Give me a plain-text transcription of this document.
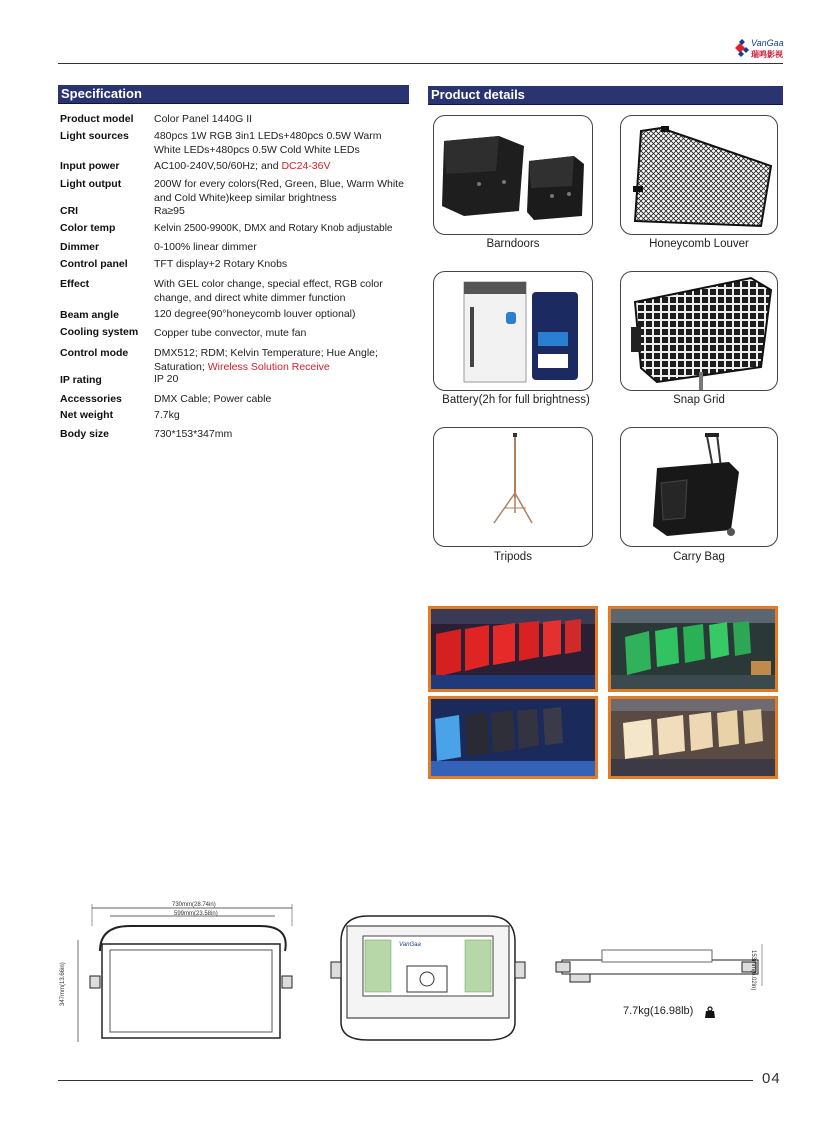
VanGaa
瑞鸣影视
Specification
Product model	Color Panel 1440G II
Light sources	480pcs 1W RGB 3in1 LEDs+480pcs 0.5W Warm White LEDs+480pcs 0.5W Cold White LEDs
Input power	AC100-240V,50/60Hz; and DC24-36V
Light output	200W for every colors(Red, Green, Blue, Warm White and Cold White)keep similar brightness
CRI	Ra≥95
Color temp	Kelvin 2500-9900K, DMX and Rotary Knob adjustable
Dimmer	0-100% linear dimmer
Control panel	TFT display+2 Rotary Knobs
Effect	With GEL color change, special effect, RGB color change, and direct white dimmer function
Beam angle	120 degree(90°honeycomb louver optional)
Cooling system	Copper tube convector, mute fan
Control mode	DMX512; RDM; Kelvin Temperature; Hue Angle; Saturation; Wireless Solution Receive
IP rating	IP 20
Accessories	DMX Cable; Power cable
Net weight	7.7kg
Body size	730*153*347mm
Product details
Barndoors	Honeycomb Louver
Battery(2h for full brightness)	Snap Grid
Tripods	Carry Bag
730mm(28.74in)
599mm(23.58in)
347mm(13.66in)
VanGaa
153mm(6.02in)
7.7kg(16.98lb)
04
